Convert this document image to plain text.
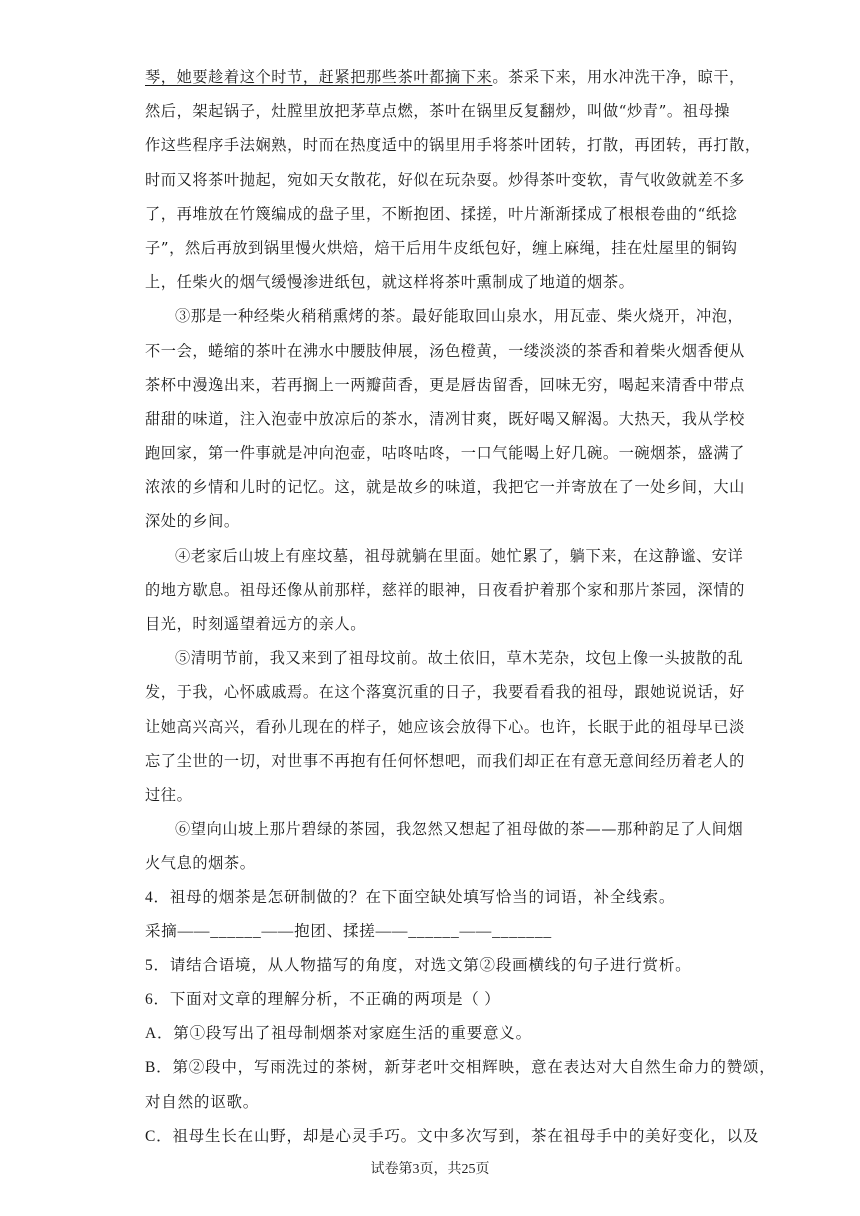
琴，她要趁着这个时节，赶紧把那些茶叶都摘下来。茶采下来，用水冲洗干净，晾干，
然后，架起锅子，灶膛里放把茅草点燃，茶叶在锅里反复翻炒，叫做“炒青”。祖母操
作这些程序手法娴熟，时而在热度适中的锅里用手将茶叶团转，打散，再团转，再打散，
时而又将茶叶抛起，宛如天女散花，好似在玩杂耍。炒得茶叶变软，青气收敛就差不多
了，再堆放在竹篾编成的盘子里，不断抱团、揉搓，叶片渐渐揉成了根根卷曲的“纸捻
子”，然后再放到锅里慢火烘焙，焙干后用牛皮纸包好，缠上麻绳，挂在灶屋里的铜钩
上，任柴火的烟气缓慢渗进纸包，就这样将茶叶熏制成了地道的烟茶。
③那是一种经柴火稍稍熏烤的茶。最好能取回山泉水，用瓦壶、柴火烧开，冲泡，
不一会，蜷缩的茶叶在沸水中腰肢伸展，汤色橙黄，一缕淡淡的茶香和着柴火烟香便从
茶杯中漫逸出来，若再搁上一两瓣茴香，更是唇齿留香，回味无穷，喝起来清香中带点
甜甜的味道，注入泡壶中放凉后的茶水，清冽甘爽，既好喝又解渴。大热天，我从学校
跑回家，第一件事就是冲向泡壶，咕咚咕咚，一口气能喝上好几碗。一碗烟茶，盛满了
浓浓的乡情和儿时的记忆。这，就是故乡的味道，我把它一并寄放在了一处乡间，大山
深处的乡间。
④老家后山坡上有座坟墓，祖母就躺在里面。她忙累了，躺下来，在这静谧、安详
的地方歇息。祖母还像从前那样，慈祥的眼神，日夜看护着那个家和那片茶园，深情的
目光，时刻遥望着远方的亲人。
⑤清明节前，我又来到了祖母坟前。故土依旧，草木芜杂，坟包上像一头披散的乱
发，于我，心怀戚戚焉。在这个落寞沉重的日子，我要看看我的祖母，跟她说说话，好
让她高兴高兴，看孙儿现在的样子，她应该会放得下心。也许，长眠于此的祖母早已淡
忘了尘世的一切，对世事不再抱有任何怀想吧，而我们却正在有意无意间经历着老人的
过往。
⑥望向山坡上那片碧绿的茶园，我忽然又想起了祖母做的茶——那种韵足了人间烟
火气息的烟茶。
4．祖母的烟茶是怎研制做的？在下面空缺处填写恰当的词语，补全线索。
采摘——______——抱团、揉搓——______——_______
5．请结合语境，从人物描写的角度，对选文第②段画横线的句子进行赏析。
6．下面对文章的理解分析，不正确的两项是（ ）
A．第①段写出了祖母制烟茶对家庭生活的重要意义。
B．第②段中，写雨洗过的茶树，新芽老叶交相辉映，意在表达对大自然生命力的赞颂，
对自然的讴歌。
C．祖母生长在山野，却是心灵手巧。文中多次写到，茶在祖母手中的美好变化，以及
试卷第3页，共25页
